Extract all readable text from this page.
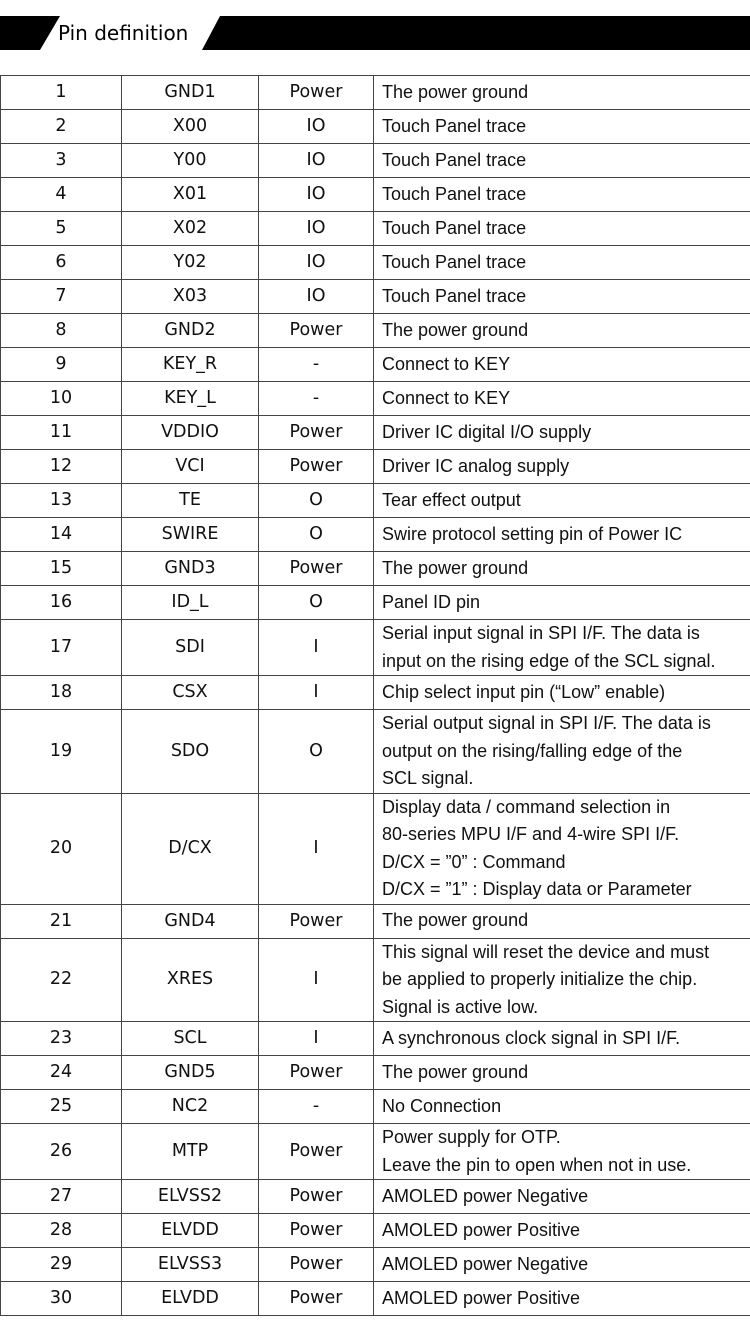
Pin definition
1	GND1	Power	The power ground

2	X00	IO	Touch Panel trace

3	Y00	IO	Touch Panel trace

4	X01	IO	Touch Panel trace

5	X02	IO	Touch Panel trace

6	Y02	IO	Touch Panel trace

7	X03	IO	Touch Panel trace

8	GND2	Power	The power ground

9	KEY_R	-	Connect to KEY

10	KEY_L	-	Connect to KEY

11	VDDIO	Power	Driver IC digital I/O supply

12	VCI	Power	Driver IC analog supply

13	TE	O	Tear effect output

14	SWIRE	O	Swire protocol setting pin of Power IC

15	GND3	Power	The power ground

16	ID_L	O	Panel ID pin

17	SDI	I	Serial input signal in SPI I/F. The data is
input on the rising edge of the SCL signal.

18	CSX	I	Chip select input pin (“Low” enable)

19	SDO	O	Serial output signal in SPI I/F. The data is
output on the rising/falling edge of the
SCL signal.

20	D/CX	I	Display data / command selection in
80-series MPU I/F and 4-wire SPI I/F.
D/CX = ”0” : Command
D/CX = ”1” : Display data or Parameter

21	GND4	Power	The power ground

22	XRES	I	This signal will reset the device and must
be applied to properly initialize the chip.
Signal is active low.

23	SCL	I	A synchronous clock signal in SPI I/F.

24	GND5	Power	The power ground

25	NC2	-	No Connection

26	MTP	Power	Power supply for OTP.
Leave the pin to open when not in use.

27	ELVSS2	Power	AMOLED power Negative

28	ELVDD	Power	AMOLED power Positive

29	ELVSS3	Power	AMOLED power Negative

30	ELVDD	Power	AMOLED power Positive
